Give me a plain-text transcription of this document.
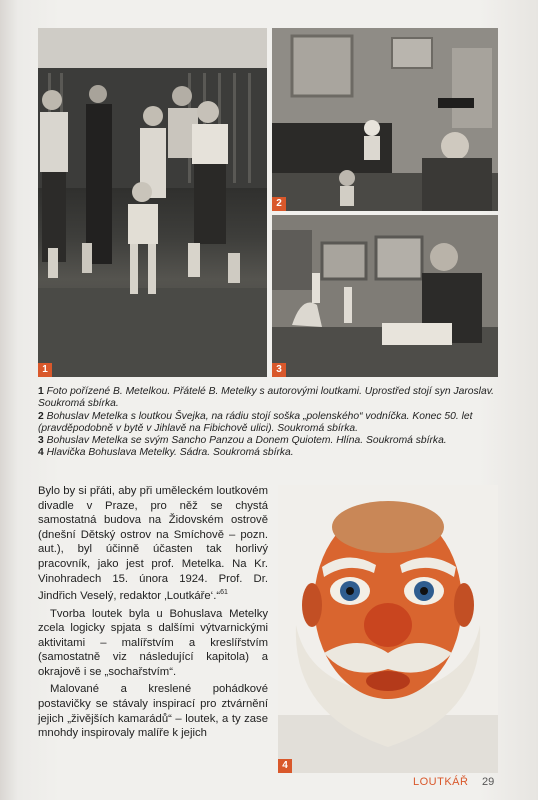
1
2
3

1 Foto pořízené B. Metelkou. Přátelé B. Metelky s autorovými loutkami. Uprostřed stojí syn Jaroslav. Soukromá sbírka.

2 Bohuslav Metelka s loutkou Švejka, na rádiu stojí soška „polenského“ vodníčka. Konec 50. let (pravděpodobně v bytě v Jihlavě na Fibichově ulici). Soukromá sbírka.

3 Bohuslav Metelka se svým Sancho Panzou a Donem Quiotem. Hlína. Soukromá sbírka.

4 Hlavička Bohuslava Metelky. Sádra. Soukromá sbírka.

Bylo by si přáti, aby při uměleckém loutkovém divadle v Praze, pro něž se chystá samostatná budova na Židovském ostrově (dnešní Dětský ostrov na Smíchově – pozn. aut.), byl účinně účasten tak horlivý pracovník, jako jest prof. Metelka. Na Kr. Vinohradech 15. února 1924. Prof. Dr. Jindřich Veselý, redaktor ‚Loutkáře‘.“$^{61}$

Tvorba loutek byla u Bohuslava Metelky zcela logicky spjata s dalšími výtvarnickými aktivitami – malířstvím a kreslířstvím (samostatně viz následující kapitola) a okrajově i se „sochařstvím“.

Malované a kreslené pohádkové postavičky se stávaly inspirací pro ztvárnění jejich „živějších kamarádů“ – loutek, a ty zase mnohdy inspirovaly malíře k jejich

4
LOUTKÁŘ 29
